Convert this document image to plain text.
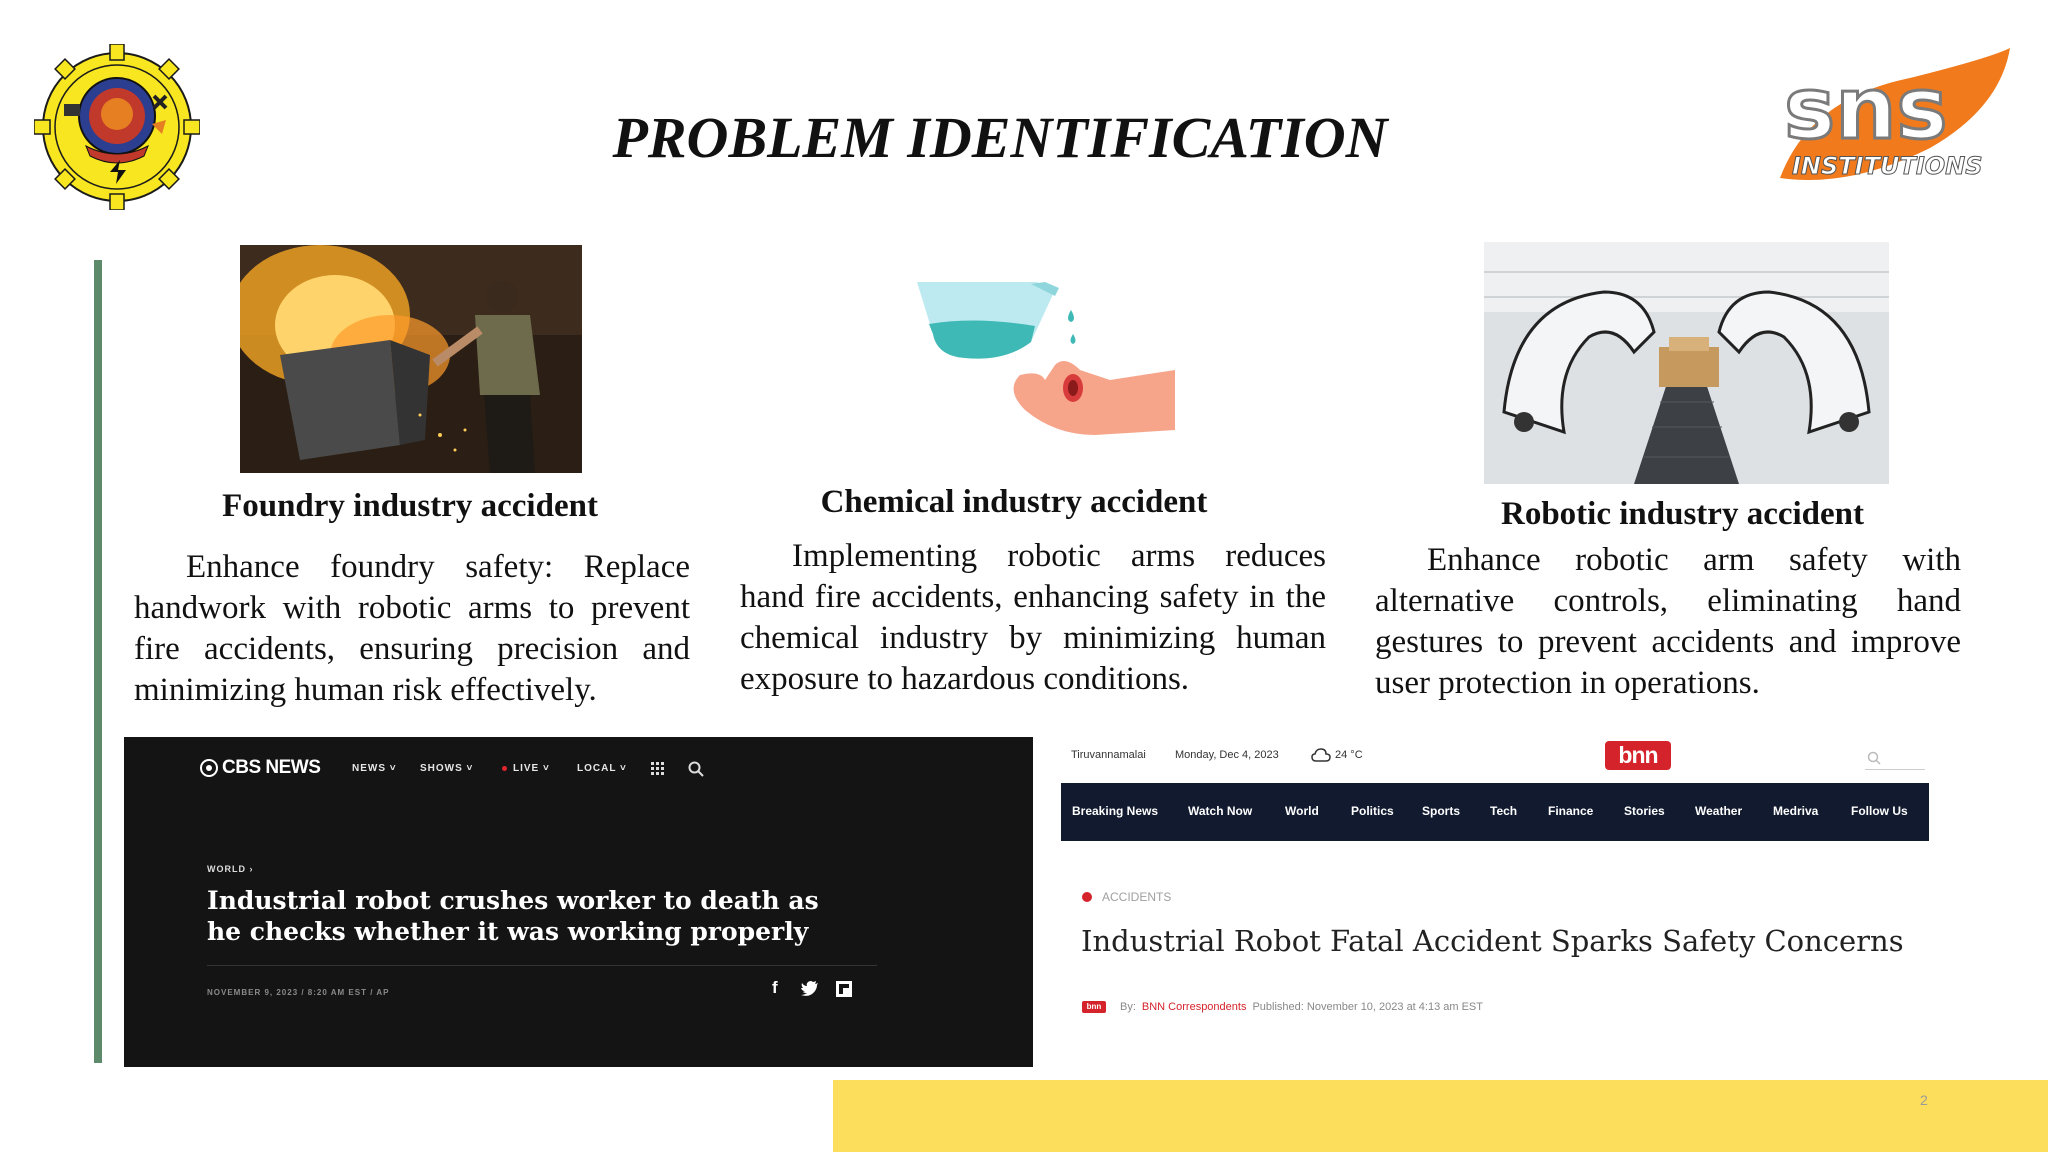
PROBLEM IDENTIFICATION	sns
INSTITUTIONS
Foundry industry accident
Enhance foundry safety: Replace handwork with robotic arms to prevent fire accidents, ensuring precision and minimizing human risk effectively.
Chemical industry accident
Implementing robotic arms reduces hand fire accidents, enhancing safety in the chemical industry by minimizing human exposure to hazardous conditions.
Robotic industry accident
Enhance robotic arm safety with alternative controls, eliminating hand gestures to prevent accidents and improve user protection in operations.
CBS NEWS	NEWS ˅ SHOWS ˅	LIVE ˅	LOCAL ˅
WORLD ›
Industrial robot crushes worker to death as he checks whether it was working properly
NOVEMBER 9, 2023 / 8:20 AM EST / AP	f
Tiruvannamalai	Monday, Dec 4, 2023	24 °C	bnn
Breaking News Watch Now	World	Politics Sports Tech	Finance	Stories	Weather	Medriva	Follow Us
ACCIDENTS
Industrial Robot Fatal Accident Sparks Safety Concerns
bnn	By: BNN Correspondents Published: November 10, 2023 at 4:13 am EST
2
